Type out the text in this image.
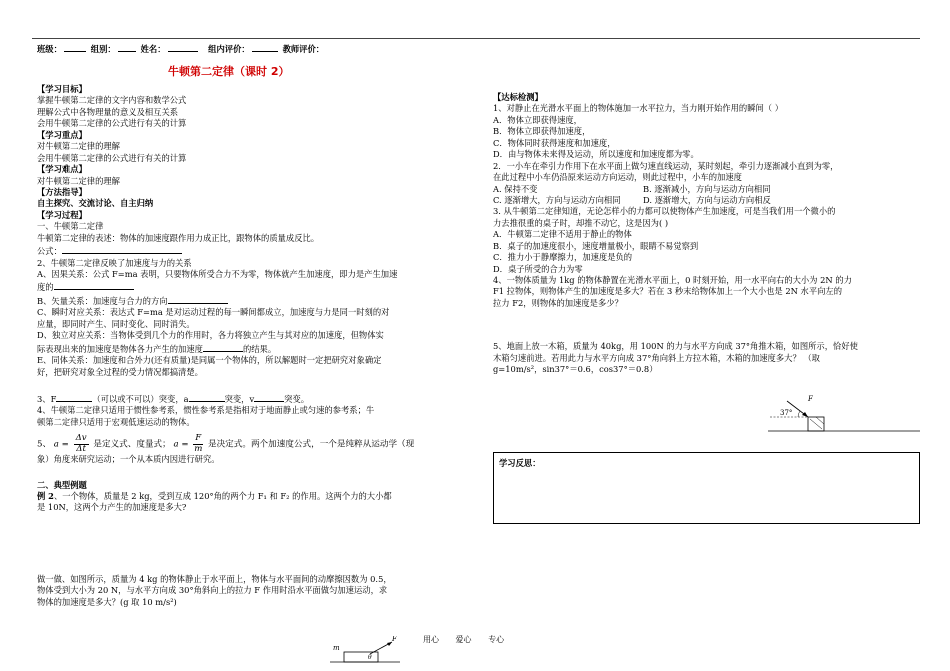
班级：	组别：	姓名：	组内评价：	教师评价：
牛顿第二定律（课时 2）
【学习目标】
掌握牛顿第二定律的文字内容和数学公式
理解公式中各物理量的意义及相互关系
会用牛顿第二定律的公式进行有关的计算
【学习重点】
对牛顿第二定律的理解
会用牛顿第二定律的公式进行有关的计算
【学习难点】
对牛顿第二定律的理解
【方法指导】
自主探究、交流讨论、自主归纳
【学习过程】
一、牛顿第二定律
牛顿第二定律的表述：物体的加速度跟作用力成正比，跟物体的质量成反比。
公式：
2、牛顿第二定律反映了加速度与力的关系
A、因果关系：公式 F=ma 表明，只要物体所受合力不为零，物体就产生加速度，即力是产生加速
度的
B、矢量关系：加速度与合力的方向
C、瞬时对应关系：表达式 F=ma 是对运动过程的每一瞬间都成立，加速度与力是同一时刻的对
应量，即同时产生、同时变化、同时消失。
D、独立对应关系：当物体受到几个力的作用时，各力将独立产生与其对应的加速度，但物体实
际表现出来的加速度是物体各力产生的加速度	的结果。
E、同体关系：加速度和合外力(还有质量)是同属一个物体的，所以解题时一定把研究对象确定
好，把研究对象全过程的受力情况都搞清楚。
3、F	（可以或不可以）突变，a	突变，v	突变。
4、牛顿第二定律只适用于惯性参考系，惯性参考系是指相对于地面静止或匀速的参考系；牛
顿第二定律只适用于宏观低速运动的物体。
5、 $a = \frac{\Delta v}{\Delta t}$ 是定义式、度量式； $a = \frac{F}{m}$ 是决定式。两个加速度公式，一个是纯粹从运动学（现
象）角度来研究运动；一个从本质内因进行研究。
二、典型例题
例 2、一个物体，质量是 2 kg，受到互成 120°角的两个力 F₁ 和 F₂ 的作用。这两个力的大小都
是 10N，这两个力产生的加速度是多大?
做一做、如图所示，质量为 4 kg 的物体静止于水平面上，物体与水平面间的动摩擦因数为 0.5，
物体受到大小为 20 N，与水平方向成 30°角斜向上的拉力 F 作用时沿水平面做匀加速运动，求
物体的加速度是多大？(g 取 10 m/s²)
m
θ
F
【达标检测】
1、对静止在光滑水平面上的物体施加一水平拉力，当力刚开始作用的瞬间（ ）
A．物体立即获得速度，
B．物体立即获得加速度，
C．物体同时获得速度和加速度，
D．由与物体未来得及运动，所以速度和加速度都为零。
2．一小车在牵引力作用下在水平面上做匀速直线运动，某时刻起，牵引力逐渐减小直到为零，
在此过程中小车仍沿原来运动方向运动，则此过程中，小车的加速度
A. 保持不变	B. 逐渐减小，方向与运动方向相同
C. 逐渐增大，方向与运动方向相同	D. 逐渐增大，方向与运动方向相反
3. 从牛顿第二定律知道，无论怎样小的力都可以使物体产生加速度，可是当我们用一个微小的
力去推很重的桌子时，却推不动它，这是因为( )
A．牛顿第二定律不适用于静止的物体
B．桌子的加速度很小，速度增量极小，眼睛不易觉察到
C．推力小于静摩擦力，加速度是负的
D．桌子所受的合力为零
4、一物体质量为 1kg 的物体静置在光滑水平面上，0 时刻开始，用一水平向右的大小为 2N 的力
F1 拉物体，则物体产生的加速度是多大？若在 3 秒末给物体加上一个大小也是 2N 水平向左的
拉力 F2，则物体的加速度是多少？
5、地面上放一木箱，质量为 40kg，用 100N 的力与水平方向成 37°角推木箱，如图所示，恰好使
木箱匀速前进。若用此力与水平方向成 37°角向斜上方拉木箱，木箱的加速度多大？ （取
g=10m/s²，sin37°＝0.6，cos37°＝0.8）
37°
F
学习反思：
用心 爱心 专心
